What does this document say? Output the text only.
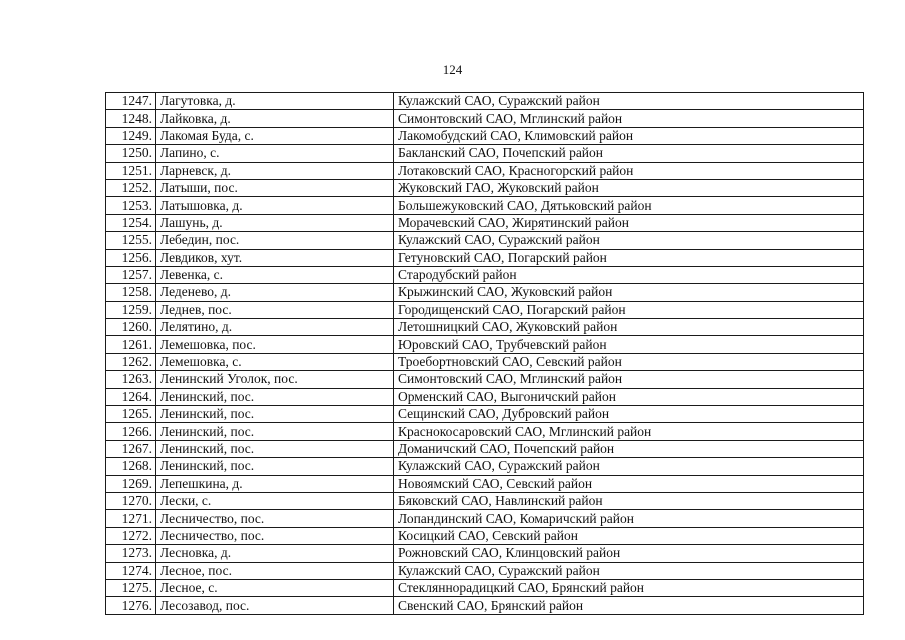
124
1247.	Лагутовка, д.	Кулажский САО, Суражский район
1248.	Лайковка, д.	Симонтовский САО, Мглинский район
1249.	Лакомая Буда, с.	Лакомобудский САО, Климовский район
1250.	Лапино, с.	Бакланский САО, Почепский район
1251.	Ларневск, д.	Лотаковский САО, Красногорский район
1252.	Латыши, пос.	Жуковский ГАО, Жуковский район
1253.	Латышовка, д.	Большежуковский САО, Дятьковский район
1254.	Лашунь, д.	Морачевский САО, Жирятинский район
1255.	Лебедин, пос.	Кулажский САО, Суражский район
1256.	Левдиков, хут.	Гетуновский САО, Погарский район
1257.	Левенка, с.	Стародубский район
1258.	Леденево, д.	Крыжинский САО, Жуковский район
1259.	Леднев, пос.	Городищенский САО, Погарский район
1260.	Лелятино, д.	Летошницкий САО, Жуковский район
1261.	Лемешовка, пос.	Юровский САО, Трубчевский район
1262.	Лемешовка, с.	Троебортновский САО, Севский район
1263.	Ленинский Уголок, пос.	Симонтовский САО, Мглинский район
1264.	Ленинский, пос.	Орменский САО, Выгоничский район
1265.	Ленинский, пос.	Сещинский САО, Дубровский район
1266.	Ленинский, пос.	Краснокосаровский САО, Мглинский район
1267.	Ленинский, пос.	Доманичский САО, Почепский район
1268.	Ленинский, пос.	Кулажский САО, Суражский район
1269.	Лепешкина, д.	Новоямский САО, Севский район
1270.	Лески, с.	Бяковский САО, Навлинский район
1271.	Лесничество, пос.	Лопандинский САО, Комаричский район
1272.	Лесничество, пос.	Косицкий САО, Севский район
1273.	Лесновка, д.	Рожновский САО, Клинцовский район
1274.	Лесное, пос.	Кулажский САО, Суражский район
1275.	Лесное, с.	Стекляннорадицкий САО, Брянский район
1276.	Лесозавод, пос.	Свенский САО, Брянский район
